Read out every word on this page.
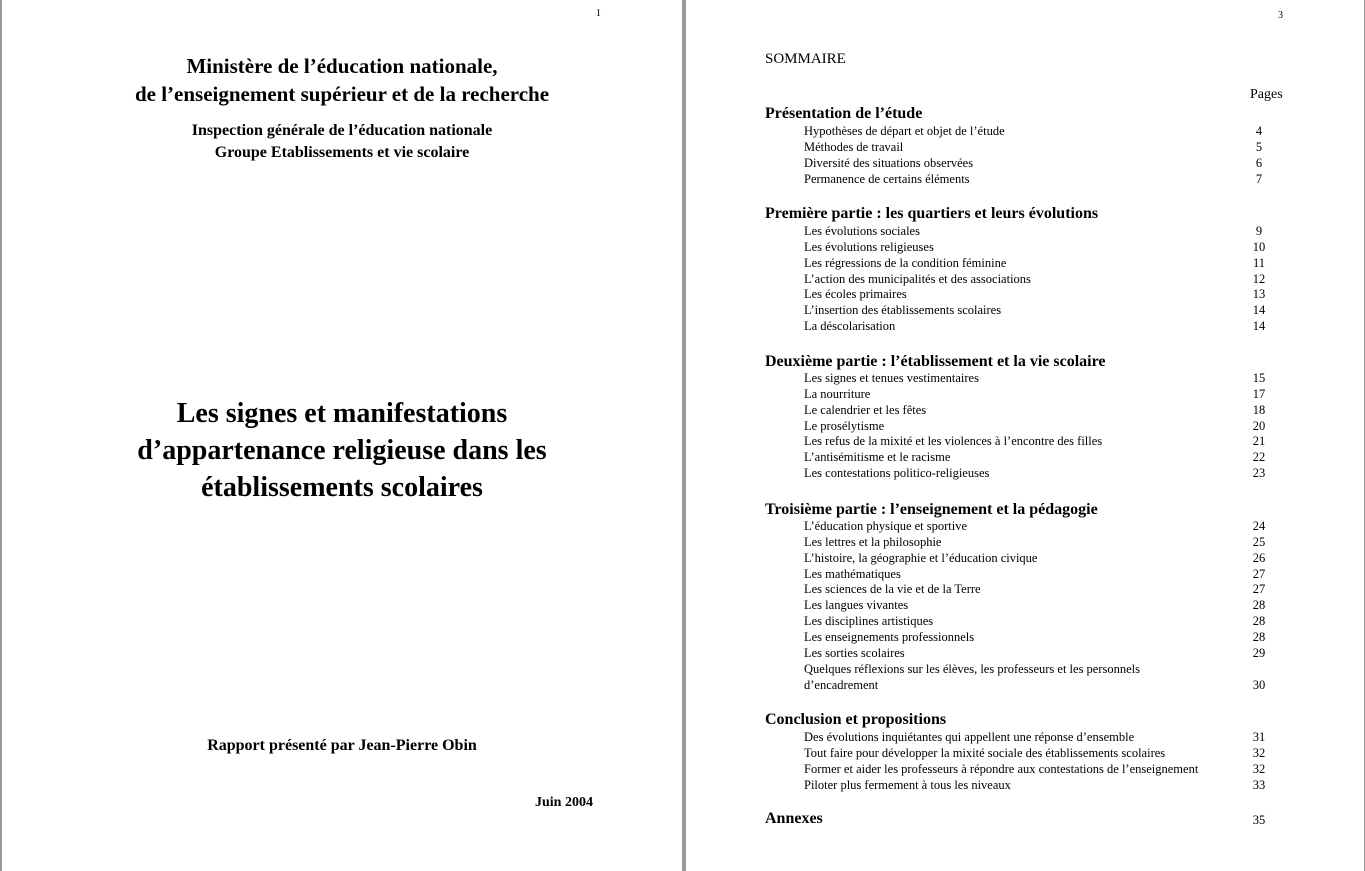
1
Ministère de l’éducation nationale,
de l’enseignement supérieur et de la recherche
Inspection générale de l’éducation nationale
Groupe Etablissements et vie scolaire
Les signes et manifestations
d’appartenance religieuse dans les
établissements scolaires
Rapport présenté par Jean-Pierre Obin
Juin 2004
3
SOMMAIRE
Pages
Présentation de l’étude
Hypothèses de départ et objet de l’étude	4
Méthodes de travail	5
Diversité des situations observées	6
Permanence de certains éléments	7
Première partie : les quartiers et leurs évolutions
Les évolutions sociales	9
Les évolutions religieuses	10
Les régressions de la condition féminine	11
L’action des municipalités et des associations	12
Les écoles primaires	13
L’insertion des établissements scolaires	14
La déscolarisation	14
Deuxième partie : l’établissement et la vie scolaire
Les signes et tenues vestimentaires	15
La nourriture	17
Le calendrier et les fêtes	18
Le prosélytisme	20
Les refus de la mixité et les violences à l’encontre des filles	21
L’antisémitisme et le racisme	22
Les contestations politico-religieuses	23
Troisième partie : l’enseignement et la pédagogie
L’éducation physique et sportive	24
Les lettres et la philosophie	25
L’histoire, la géographie et l’éducation civique	26
Les mathématiques	27
Les sciences de la vie et de la Terre	27
Les langues vivantes	28
Les disciplines artistiques	28
Les enseignements professionnels	28
Les sorties scolaires	29
Quelques réflexions sur les élèves, les professeurs et les personnels
d’encadrement	30
Conclusion et propositions
Des évolutions inquiétantes qui appellent une réponse d’ensemble	31
Tout faire pour développer la mixité sociale des établissements scolaires	32
Former et aider les professeurs à répondre aux contestations de l’enseignement	32
Piloter plus fermement à tous les niveaux	33
Annexes	35
